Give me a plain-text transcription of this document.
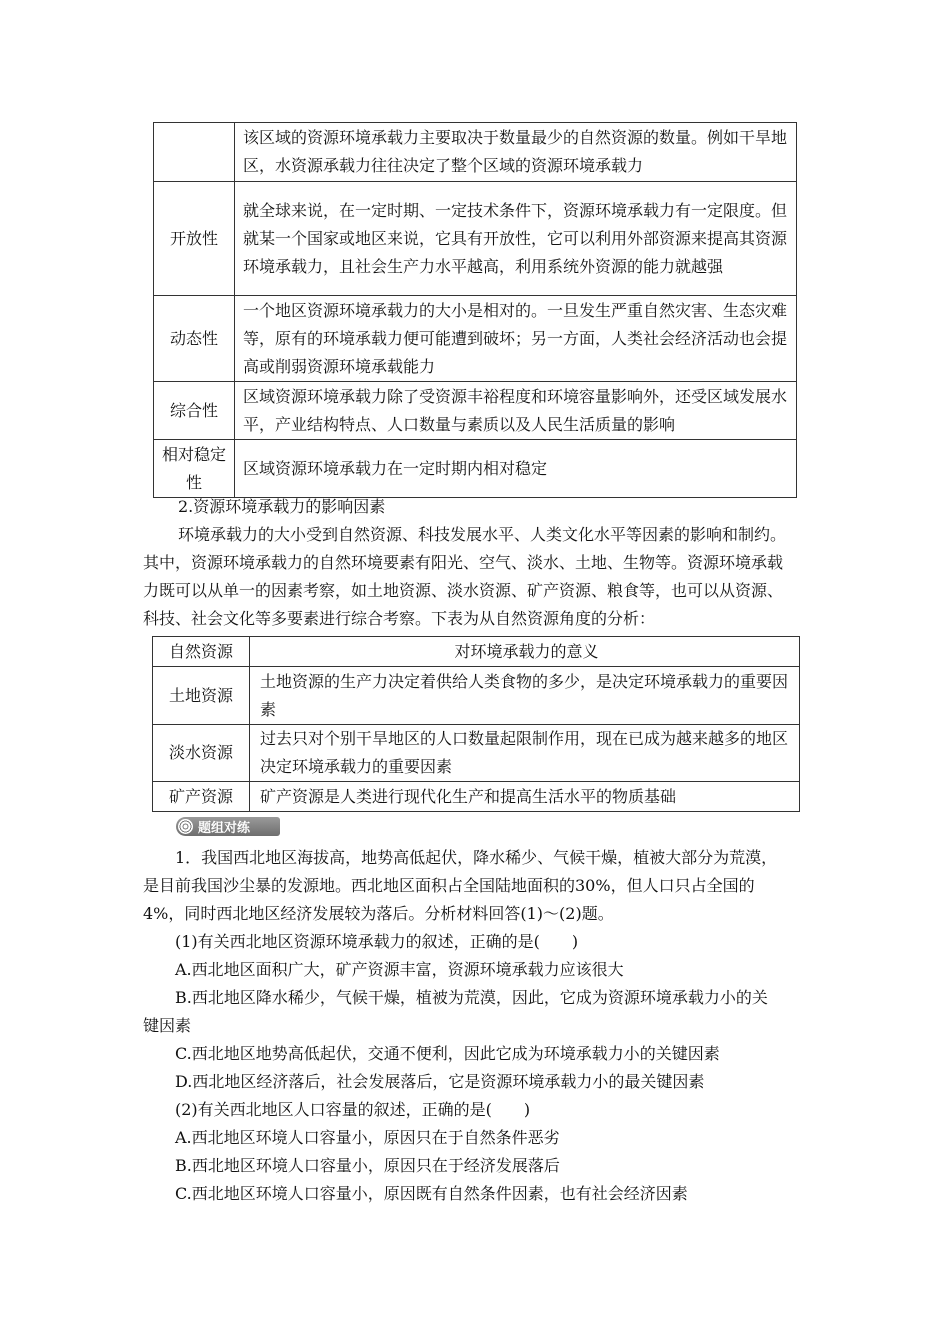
	该区域的资源环境承载力主要取决于数量最少的自然资源的数量。例如干旱地区，水资源承载力往往决定了整个区域的资源环境承载力
开放性	就全球来说，在一定时期、一定技术条件下，资源环境承载力有一定限度。但就某一个国家或地区来说，它具有开放性，它可以利用外部资源来提高其资源环境承载力，且社会生产力水平越高，利用系统外资源的能力就越强
动态性	一个地区资源环境承载力的大小是相对的。一旦发生严重自然灾害、生态灾难等，原有的环境承载力便可能遭到破坏；另一方面，人类社会经济活动也会提高或削弱资源环境承载能力
综合性	区域资源环境承载力除了受资源丰裕程度和环境容量影响外，还受区域发展水平，产业结构特点、人口数量与素质以及人民生活质量的影响
相对稳定性	区域资源环境承载力在一定时期内相对稳定
2.资源环境承载力的影响因素
环境承载力的大小受到自然资源、科技发展水平、人类文化水平等因素的影响和制约。其中，资源环境承载力的自然环境要素有阳光、空气、淡水、土地、生物等。资源环境承载力既可以从单一的因素考察，如土地资源、淡水资源、矿产资源、粮食等，也可以从资源、科技、社会文化等多要素进行综合考察。下表为从自然资源角度的分析：
自然资源	对环境承载力的意义
土地资源	土地资源的生产力决定着供给人类食物的多少，是决定环境承载力的重要因素
淡水资源	过去只对个别干旱地区的人口数量起限制作用，现在已成为越来越多的地区决定环境承载力的重要因素
矿产资源	矿产资源是人类进行现代化生产和提高生活水平的物质基础
题组对练
1．我国西北地区海拔高，地势高低起伏，降水稀少、气候干燥，植被大部分为荒漠，
是目前我国沙尘暴的发源地。西北地区面积占全国陆地面积的30%，但人口只占全国的
4%，同时西北地区经济发展较为落后。分析材料回答(1)～(2)题。
(1)有关西北地区资源环境承载力的叙述，正确的是(　　)
A.西北地区面积广大，矿产资源丰富，资源环境承载力应该很大
B.西北地区降水稀少，气候干燥，植被为荒漠，因此，它成为资源环境承载力小的关
键因素
C.西北地区地势高低起伏，交通不便利，因此它成为环境承载力小的关键因素
D.西北地区经济落后，社会发展落后，它是资源环境承载力小的最关键因素
(2)有关西北地区人口容量的叙述，正确的是(　　)
A.西北地区环境人口容量小，原因只在于自然条件恶劣
B.西北地区环境人口容量小，原因只在于经济发展落后
C.西北地区环境人口容量小，原因既有自然条件因素，也有社会经济因素
